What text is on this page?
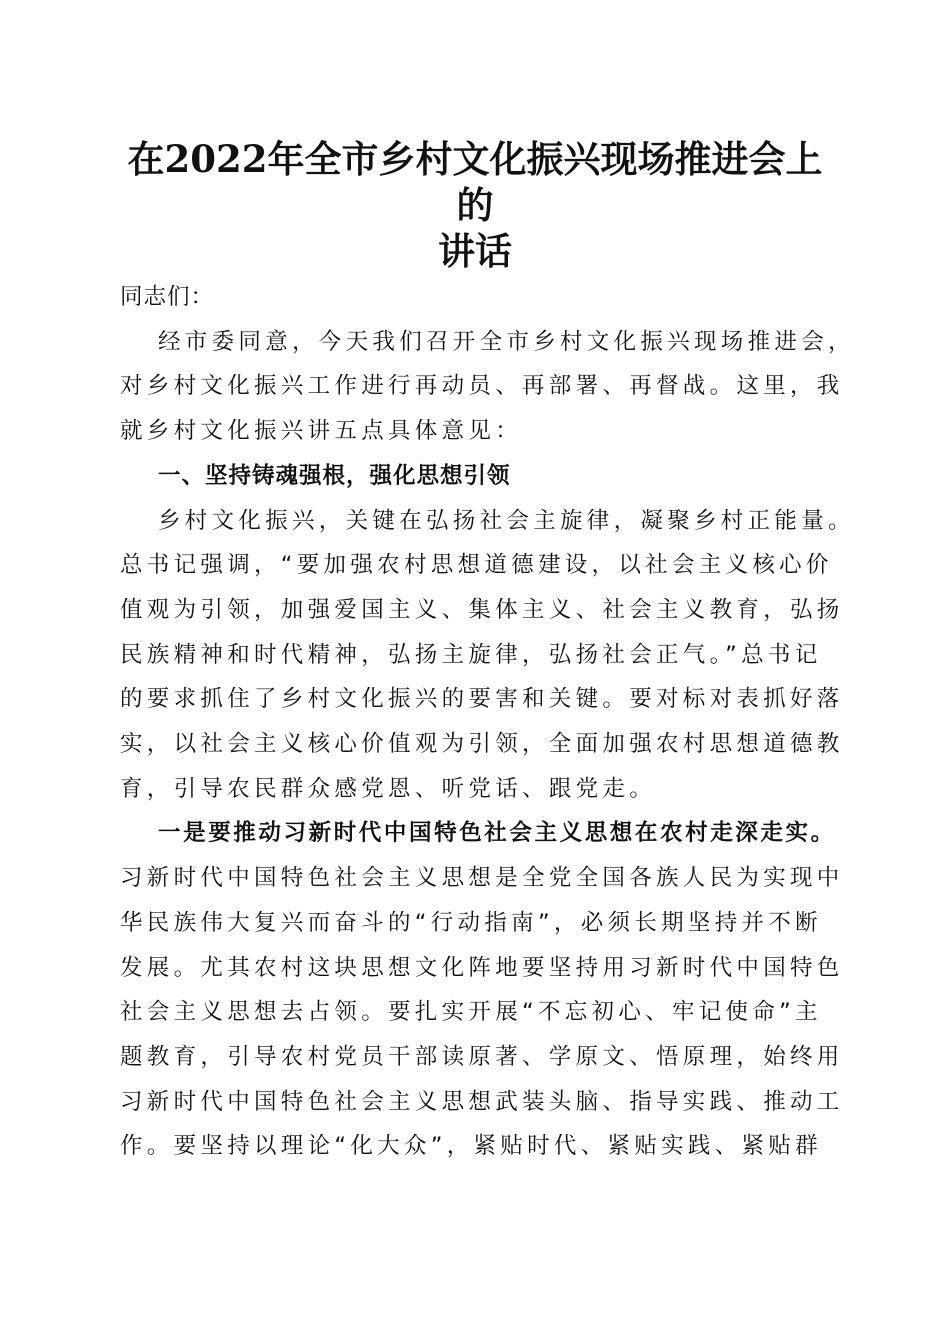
在2022年全市乡村文化振兴现场推进会上的
讲话

同志们：

经市委同意，今天我们召开全市乡村文化振兴现场推进会，

对乡村文化振兴工作进行再动员、再部署、再督战。这里，我

就乡村文化振兴讲五点具体意见：

一、坚持铸魂强根，强化思想引领

乡村文化振兴，关键在弘扬社会主旋律，凝聚乡村正能量。

总书记强调，“要加强农村思想道德建设，以社会主义核心价

值观为引领，加强爱国主义、集体主义、社会主义教育，弘扬

民族精神和时代精神，弘扬主旋律，弘扬社会正气。”总书记

的要求抓住了乡村文化振兴的要害和关键。要对标对表抓好落

实，以社会主义核心价值观为引领，全面加强农村思想道德教

育，引导农民群众感党恩、听党话、跟党走。

一是要推动习新时代中国特色社会主义思想在农村走深走实。

习新时代中国特色社会主义思想是全党全国各族人民为实现中

华民族伟大复兴而奋斗的“行动指南”，必须长期坚持并不断

发展。尤其农村这块思想文化阵地要坚持用习新时代中国特色

社会主义思想去占领。要扎实开展“不忘初心、牢记使命”主

题教育，引导农村党员干部读原著、学原文、悟原理，始终用

习新时代中国特色社会主义思想武装头脑、指导实践、推动工

作。要坚持以理论“化大众”，紧贴时代、紧贴实践、紧贴群
